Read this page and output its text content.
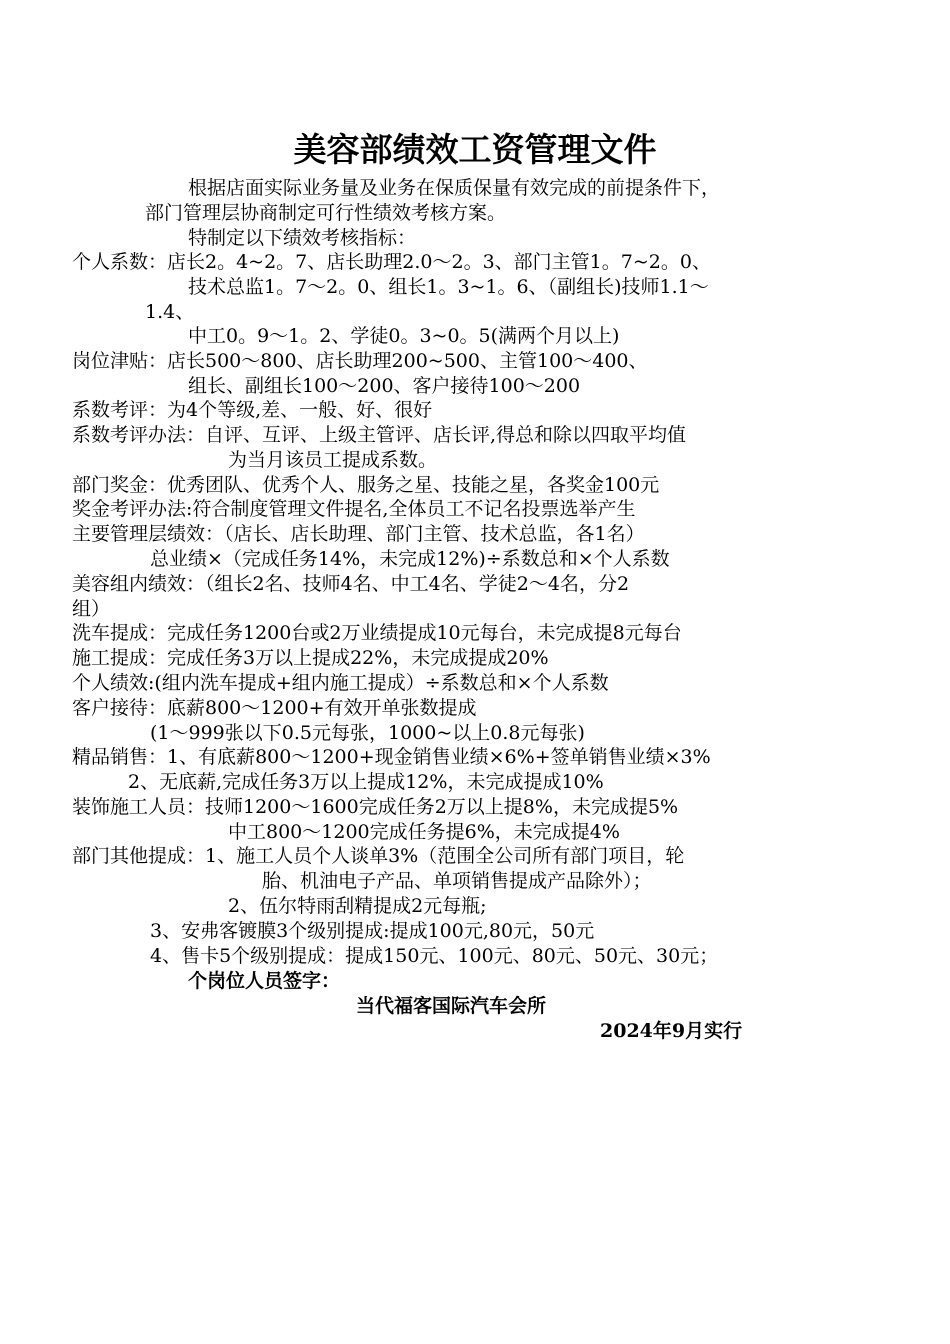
美容部绩效工资管理文件
根据店面实际业务量及业务在保质保量有效完成的前提条件下，
部门管理层协商制定可行性绩效考核方案。
特制定以下绩效考核指标：
个人系数：店长2。4~2。7、店长助理2.0～2。3、部门主管1。7~2。0、
技术总监1。7～2。0、组长1。3~1。6、（副组长)技师1.1～
1.4、
中工0。9～1。2、学徒0。3~0。5(满两个月以上)
岗位津贴：店长500～800、店长助理200~500、主管100～400、
组长、副组长100～200、客户接待100～200
系数考评：为4个等级,差、一般、好、很好
系数考评办法：自评、互评、上级主管评、店长评,得总和除以四取平均值
为当月该员工提成系数。
部门奖金：优秀团队、优秀个人、服务之星、技能之星，各奖金100元
奖金考评办法:符合制度管理文件提名,全体员工不记名投票选举产生
主要管理层绩效：（店长、店长助理、部门主管、技术总监，各1名）
总业绩×（完成任务14%，未完成12%)÷系数总和×个人系数
美容组内绩效：（组长2名、技师4名、中工4名、学徒2～4名，分2
组）
洗车提成：完成任务1200台或2万业绩提成10元每台，未完成提8元每台
施工提成：完成任务3万以上提成22%，未完成提成20%
个人绩效:(组内洗车提成+组内施工提成）÷系数总和×个人系数
客户接待：底薪800～1200+有效开单张数提成
(1～999张以下0.5元每张，1000~以上0.8元每张)
精品销售：1、有底薪800～1200+现金销售业绩×6%+签单销售业绩×3%
2、无底薪,完成任务3万以上提成12%，未完成提成10%
装饰施工人员：技师1200～1600完成任务2万以上提8%，未完成提5%
中工800～1200完成任务提6%，未完成提4%
部门其他提成：1、施工人员个人谈单3%（范围全公司所有部门项目，轮
胎、机油电子产品、单项销售提成产品除外）；
2、伍尔特雨刮精提成2元每瓶;
3、安弗客镀膜3个级别提成:提成100元,80元，50元
4、售卡5个级别提成：提成150元、100元、80元、50元、30元；
个岗位人员签字：
当代福客国际汽车会所
2024年9月实行
